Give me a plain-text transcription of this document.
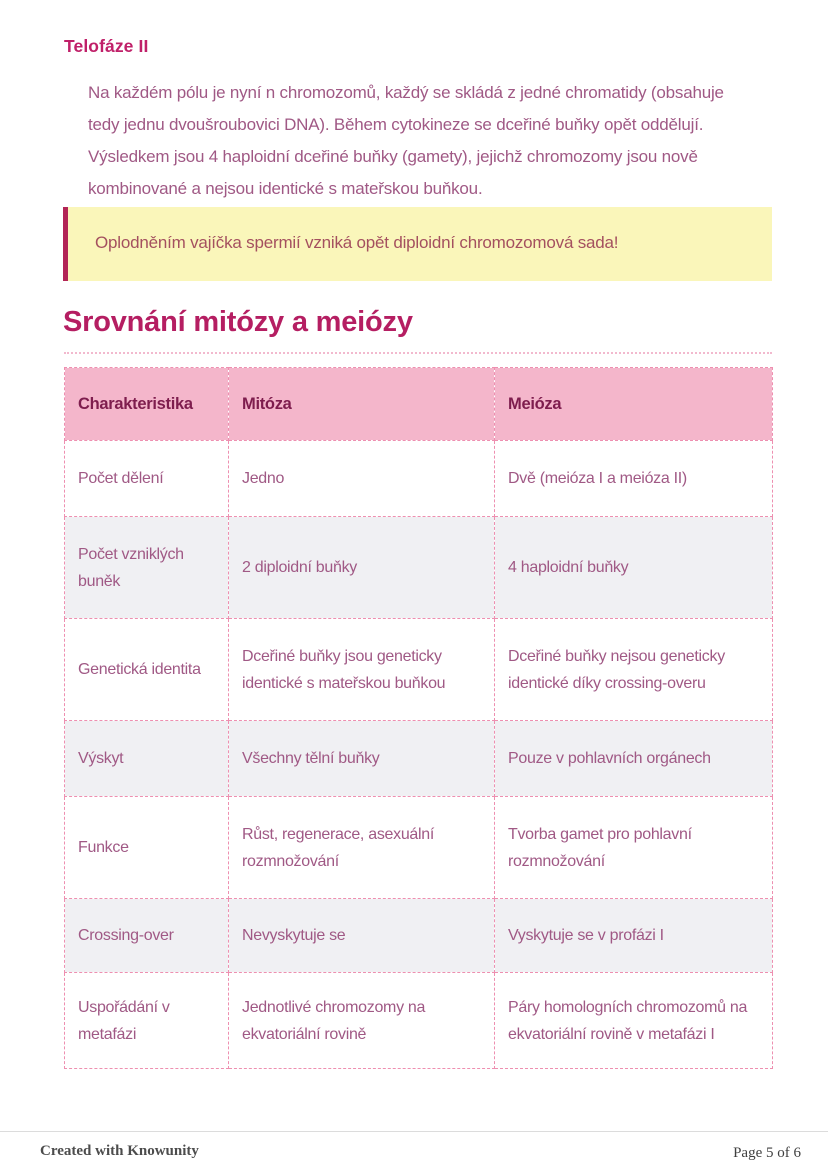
Telofáze II
Na každém pólu je nyní n chromozomů, každý se skládá z jedné chromatidy (obsahuje tedy jednu dvoušroubovici DNA). Během cytokineze se dceřiné buňky opět oddělují. Výsledkem jsou 4 haploidní dceřiné buňky (gamety), jejichž chromozomy jsou nově kombinované a nejsou identické s mateřskou buňkou.
Oplodněním vajíčka spermií vzniká opět diploidní chromozomová sada!
Srovnání mitózy a meiózy
Charakteristika	Mitóza	Meióza
Počet dělení	Jedno	Dvě (meióza I a meióza II)
Počet vzniklých buněk	2 diploidní buňky	4 haploidní buňky
Genetická identita	Dceřiné buňky jsou geneticky identické s mateřskou buňkou	Dceřiné buňky nejsou geneticky identické díky crossing-overu
Výskyt	Všechny tělní buňky	Pouze v pohlavních orgánech
Funkce	Růst, regenerace, asexuální rozmnožování	Tvorba gamet pro pohlavní rozmnožování
Crossing-over	Nevyskytuje se	Vyskytuje se v profázi I
Uspořádání v metafázi	Jednotlivé chromozomy na ekvatoriální rovině	Páry homologních chromozomů na ekvatoriální rovině v metafázi I
Created with Knowunity	Page 5 of 6
